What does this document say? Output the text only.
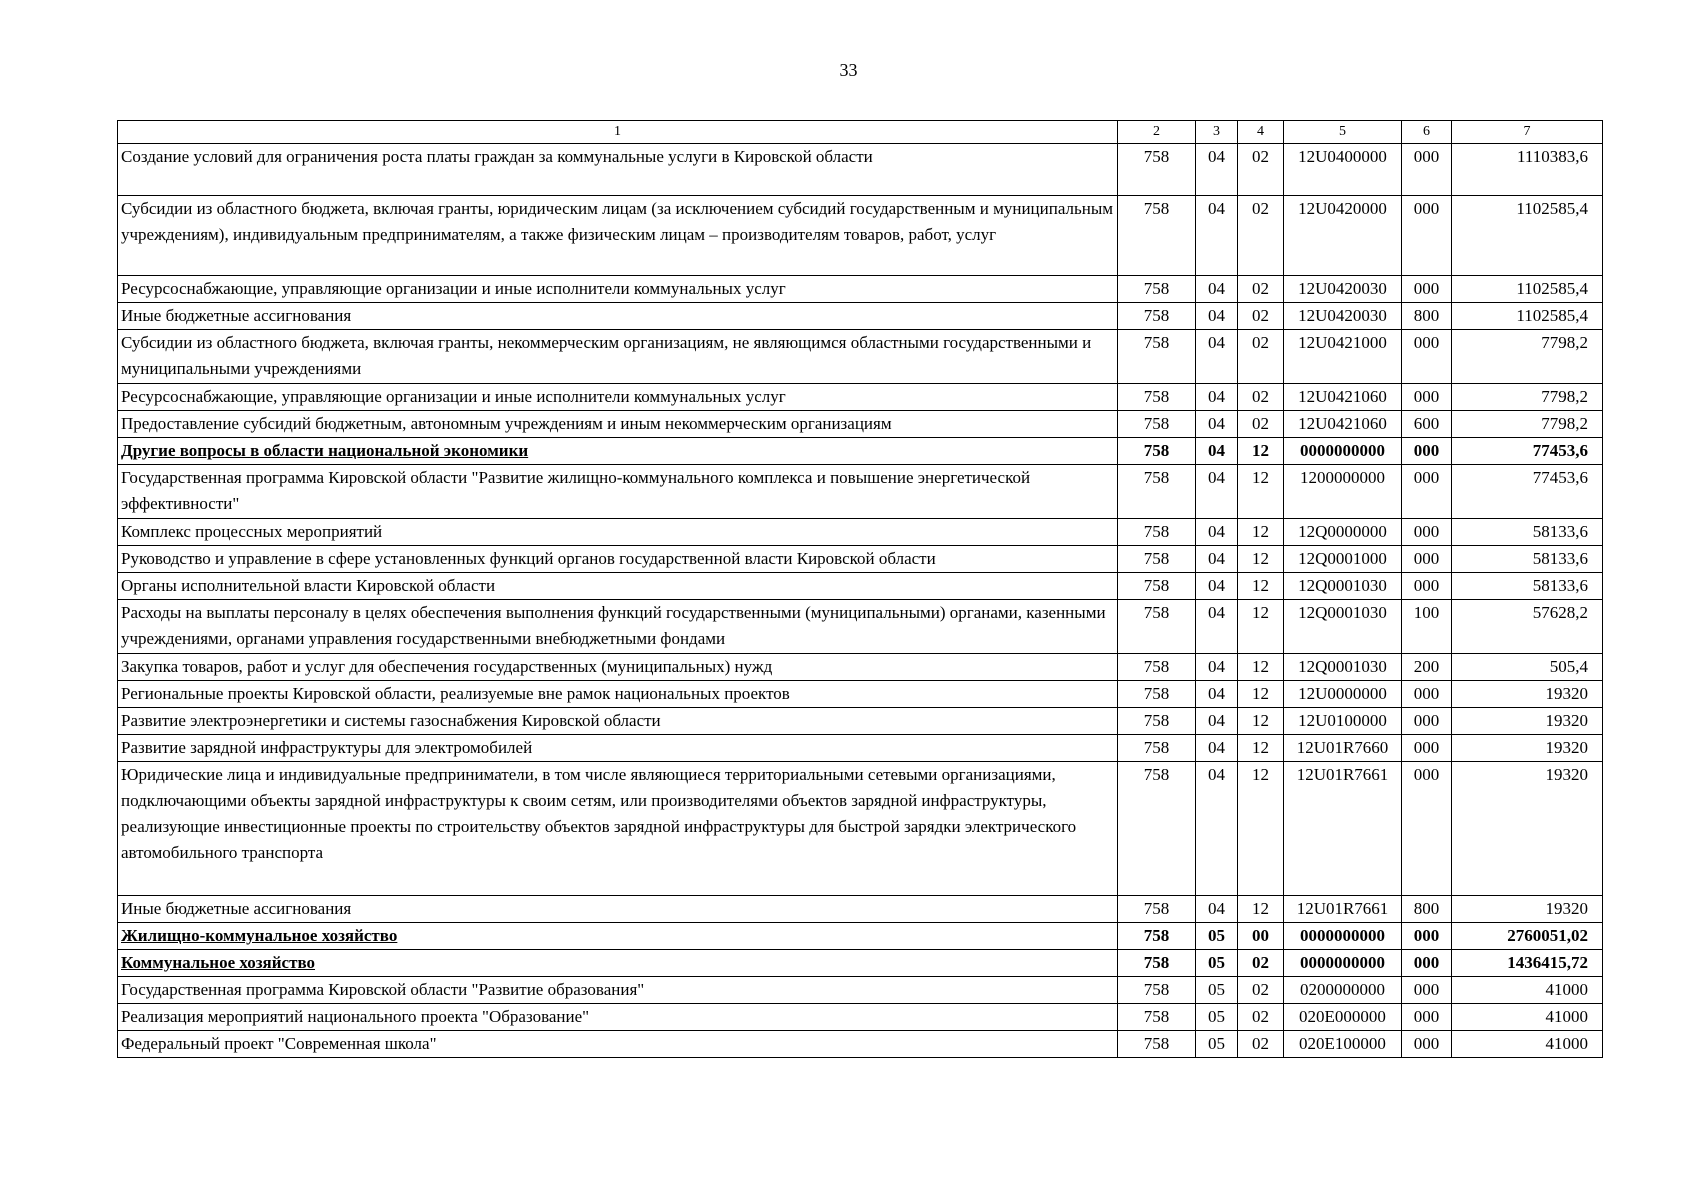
33
1	2	3	4	5	6	7
Создание условий для ограничения роста платы граждан за коммунальные услуги в Кировской области	758	04	02	12U0400000	000	1110383,6
Субсидии из областного бюджета, включая гранты, юридическим лицам (за исключением субсидий государственным и муниципальным учреждениям), индивидуальным предпринимателям, а также физическим лицам – производителям товаров, работ, услуг	758	04	02	12U0420000	000	1102585,4
Ресурсоснабжающие, управляющие организации и иные исполнители коммунальных услуг	758	04	02	12U0420030	000	1102585,4
Иные бюджетные ассигнования	758	04	02	12U0420030	800	1102585,4
Субсидии из областного бюджета, включая гранты, некоммерческим организациям, не являющимся областными государственными и муниципальными учреждениями	758	04	02	12U0421000	000	7798,2
Ресурсоснабжающие, управляющие организации и иные исполнители коммунальных услуг	758	04	02	12U0421060	000	7798,2
Предоставление субсидий бюджетным, автономным учреждениям и иным некоммерческим организациям	758	04	02	12U0421060	600	7798,2
Другие вопросы в области национальной экономики	758	04	12	0000000000	000	77453,6
Государственная программа Кировской области "Развитие жилищно-коммунального комплекса и повышение энергетической эффективности"	758	04	12	1200000000	000	77453,6
Комплекс процессных мероприятий	758	04	12	12Q0000000	000	58133,6
Руководство и управление в сфере установленных функций органов государственной власти Кировской области	758	04	12	12Q0001000	000	58133,6
Органы исполнительной власти Кировской области	758	04	12	12Q0001030	000	58133,6
Расходы на выплаты персоналу в целях обеспечения выполнения функций государственными (муниципальными) органами, казенными учреждениями, органами управления государственными внебюджетными фондами	758	04	12	12Q0001030	100	57628,2
Закупка товаров, работ и услуг для обеспечения государственных (муниципальных) нужд	758	04	12	12Q0001030	200	505,4
Региональные проекты Кировской области, реализуемые вне рамок национальных проектов	758	04	12	12U0000000	000	19320
Развитие электроэнергетики и системы газоснабжения Кировской области	758	04	12	12U0100000	000	19320
Развитие зарядной инфраструктуры для электромобилей	758	04	12	12U01R7660	000	19320
Юридические лица и индивидуальные предприниматели, в том числе являющиеся территориальными сетевыми организациями, подключающими объекты зарядной инфраструктуры к своим сетям, или производителями объектов зарядной инфраструктуры, реализующие инвестиционные проекты по строительству объектов зарядной инфраструктуры для быстрой зарядки электрического автомобильного транспорта	758	04	12	12U01R7661	000	19320
Иные бюджетные ассигнования	758	04	12	12U01R7661	800	19320
Жилищно-коммунальное хозяйство	758	05	00	0000000000	000	2760051,02
Коммунальное хозяйство	758	05	02	0000000000	000	1436415,72
Государственная программа Кировской области "Развитие образования"	758	05	02	0200000000	000	41000
Реализация мероприятий национального проекта "Образование"	758	05	02	020E000000	000	41000
Федеральный проект "Современная школа"	758	05	02	020E100000	000	41000
